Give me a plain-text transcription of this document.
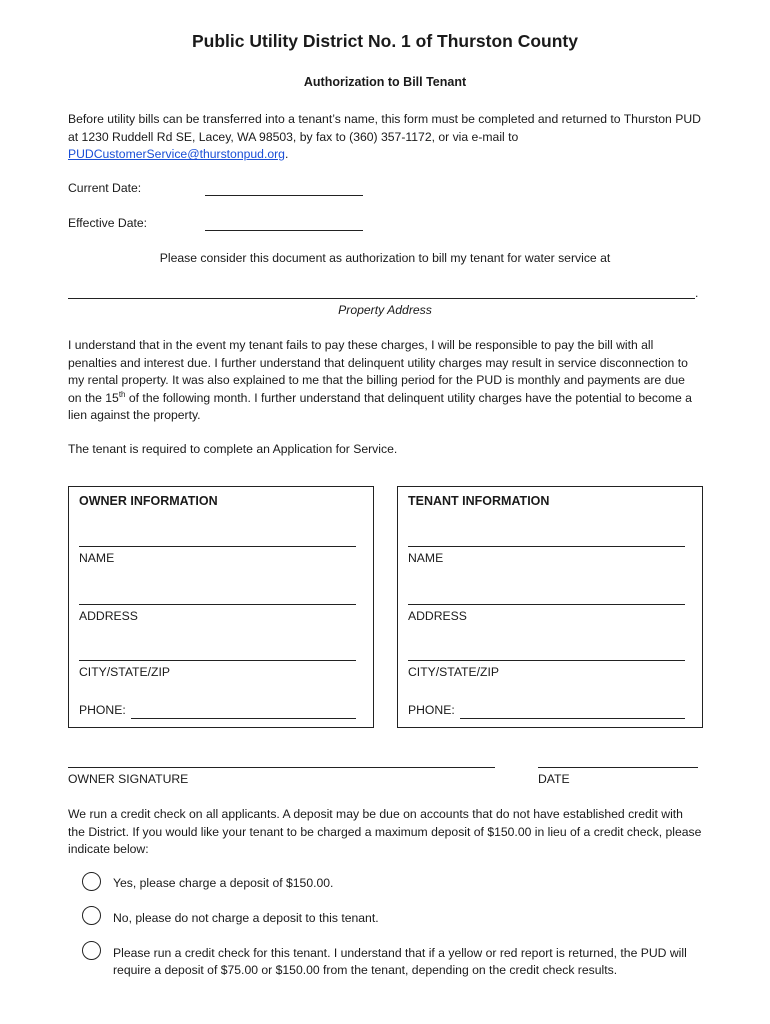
Public Utility District No. 1 of Thurston County
Authorization to Bill Tenant
Before utility bills can be transferred into a tenant’s name, this form must be completed and returned to Thurston PUD at 1230 Ruddell Rd SE, Lacey, WA 98503, by fax to (360) 357-1172, or via e-mail to PUDCustomerService@thurstonpud.org.
Current Date:
Effective Date:
Please consider this document as authorization to bill my tenant for water service at
.
Property Address
I understand that in the event my tenant fails to pay these charges, I will be responsible to pay the bill with all penalties and interest due. I further understand that delinquent utility charges may result in service disconnection to my rental property. It was also explained to me that the billing period for the PUD is monthly and payments are due on the 15th of the following month. I further understand that delinquent utility charges have the potential to become a lien against the property.
The tenant is required to complete an Application for Service.
OWNER INFORMATION
NAME
ADDRESS
CITY/STATE/ZIP
PHONE:
TENANT INFORMATION
NAME
ADDRESS
CITY/STATE/ZIP
PHONE:
OWNER SIGNATURE	DATE
We run a credit check on all applicants. A deposit may be due on accounts that do not have established credit with the District. If you would like your tenant to be charged a maximum deposit of $150.00 in lieu of a credit check, please indicate below:
Yes, please charge a deposit of $150.00.
No, please do not charge a deposit to this tenant.
Please run a credit check for this tenant. I understand that if a yellow or red report is returned, the PUD will require a deposit of $75.00 or $150.00 from the tenant, depending on the credit check results.
